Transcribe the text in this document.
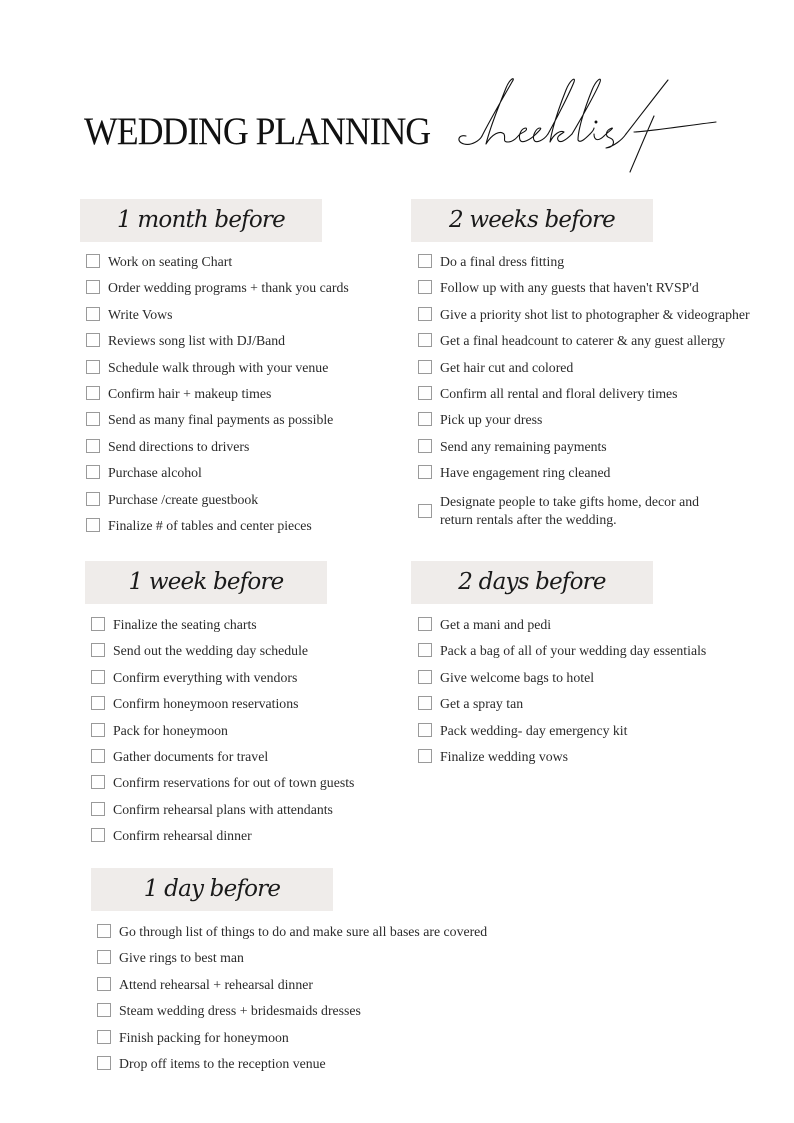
WEDDING PLANNING
1 month before
Work on seating Chart
Order wedding programs + thank you cards
Write Vows
Reviews song list with DJ/Band
Schedule walk through with your venue
Confirm hair + makeup times
Send as many final payments as possible
Send directions to drivers
Purchase alcohol
Purchase /create guestbook
Finalize # of tables and center pieces
2 weeks before
Do a final dress fitting
Follow up with any guests that haven't RVSP'd
Give a priority shot list to photographer & videographer
Get a final headcount to caterer & any guest allergy
Get hair cut and colored
Confirm all rental and floral delivery times
Pick up your dress
Send any remaining payments
Have engagement ring cleaned
Designate people to take gifts home, decor and return rentals after the wedding.
1 week before
Finalize the seating charts
Send out the wedding day schedule
Confirm everything with vendors
Confirm honeymoon reservations
Pack for honeymoon
Gather documents for travel
Confirm reservations for out of town guests
Confirm rehearsal plans with attendants
Confirm rehearsal dinner
2 days before
Get a mani and pedi
Pack a bag of all of your wedding day essentials
Give welcome bags to hotel
Get a spray tan
Pack wedding- day emergency kit
Finalize wedding vows
1 day before
Go through list of things to do and make sure all bases are covered
Give rings to best man
Attend rehearsal + rehearsal dinner
Steam wedding dress + bridesmaids dresses
Finish packing for honeymoon
Drop off items to the reception venue
